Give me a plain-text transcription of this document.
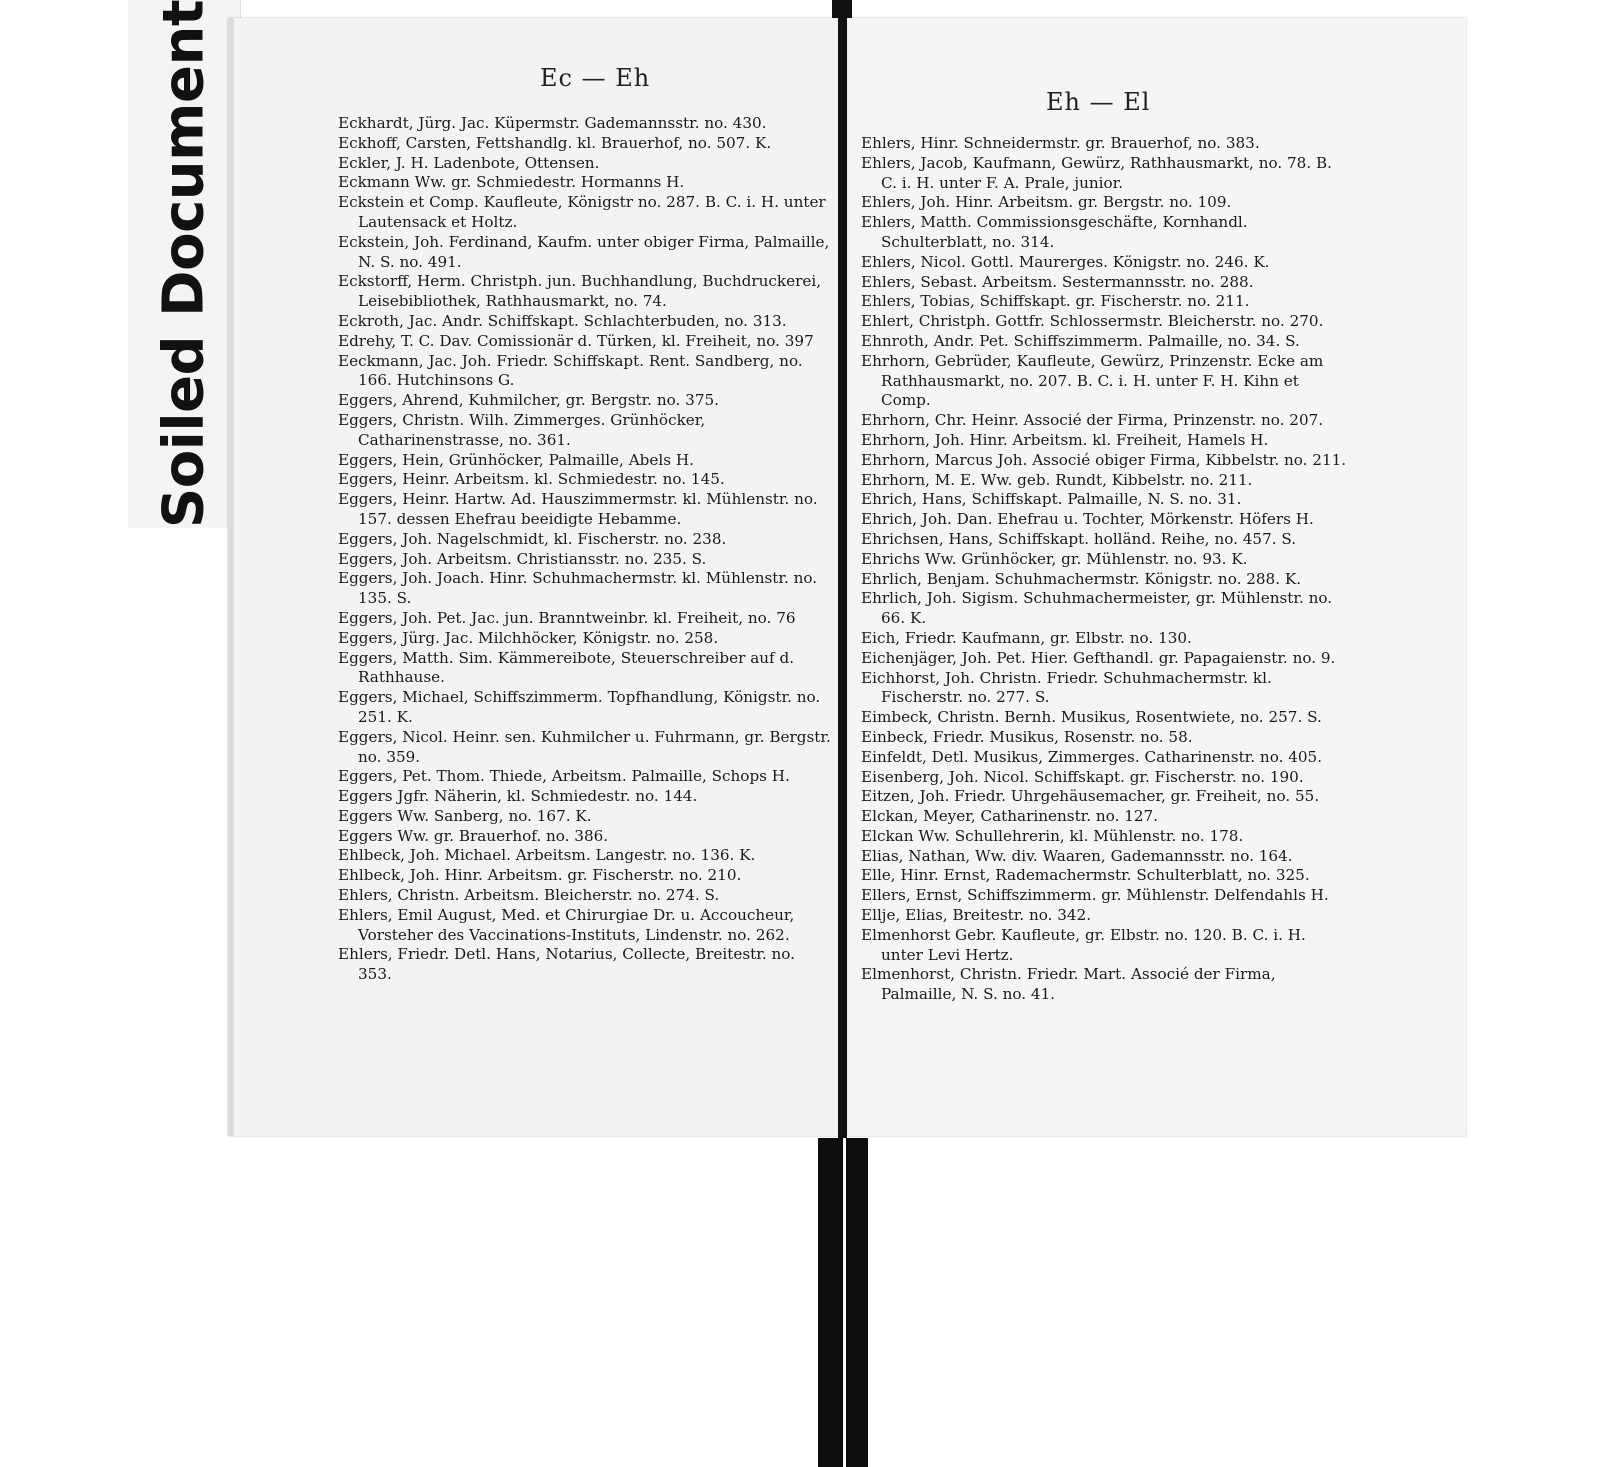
Soiled Document	Ec — Eh
Eh — El

Eckhardt, Jürg. Jac. Küpermstr. Gademannsstr. no. 430.

Eckhoff, Carsten, Fettshandlg. kl. Brauerhof, no. 507. K.

Eckler, J. H. Ladenbote, Ottensen.

Eckmann Ww. gr. Schmiedestr. Hormanns H.

Eckstein et Comp. Kaufleute, Königstr no. 287. B. C. i. H. unter Lautensack et Holtz.

Eckstein, Joh. Ferdinand, Kaufm. unter obiger Firma, Palmaille, N. S. no. 491.

Eckstorff, Herm. Christph. jun. Buchhandlung, Buchdruckerei, Leisebibliothek, Rathhausmarkt, no. 74.

Eckroth, Jac. Andr. Schiffskapt. Schlachterbuden, no. 313.

Edrehy, T. C. Dav. Comissionär d. Türken, kl. Freiheit, no. 397

Eeckmann, Jac. Joh. Friedr. Schiffskapt. Rent. Sandberg, no. 166. Hutchinsons G.

Eggers, Ahrend, Kuhmilcher, gr. Bergstr. no. 375.

Eggers, Christn. Wilh. Zimmerges. Grünhöcker, Catharinenstrasse, no. 361.

Eggers, Hein, Grünhöcker, Palmaille, Abels H.

Eggers, Heinr. Arbeitsm. kl. Schmiedestr. no. 145.

Eggers, Heinr. Hartw. Ad. Hauszimmermstr. kl. Mühlenstr. no. 157. dessen Ehefrau beeidigte Hebamme.

Eggers, Joh. Nagelschmidt, kl. Fischerstr. no. 238.

Eggers, Joh. Arbeitsm. Christiansstr. no. 235. S.

Eggers, Joh. Joach. Hinr. Schuhmachermstr. kl. Mühlenstr. no. 135. S.

Eggers, Joh. Pet. Jac. jun. Branntweinbr. kl. Freiheit, no. 76

Eggers, Jürg. Jac. Milchhöcker, Königstr. no. 258.

Eggers, Matth. Sim. Kämmereibote, Steuerschreiber auf d. Rathhause.

Eggers, Michael, Schiffszimmerm. Topfhandlung, Königstr. no. 251. K.

Eggers, Nicol. Heinr. sen. Kuhmilcher u. Fuhrmann, gr. Bergstr. no. 359.

Eggers, Pet. Thom. Thiede, Arbeitsm. Palmaille, Schops H.

Eggers Jgfr. Näherin, kl. Schmiedestr. no. 144.

Eggers Ww. Sanberg, no. 167. K.

Eggers Ww. gr. Brauerhof. no. 386.

Ehlbeck, Joh. Michael. Arbeitsm. Langestr. no. 136. K.

Ehlbeck, Joh. Hinr. Arbeitsm. gr. Fischerstr. no. 210.

Ehlers, Christn. Arbeitsm. Bleicherstr. no. 274. S.

Ehlers, Emil August, Med. et Chirurgiae Dr. u. Accoucheur, Vorsteher des Vaccinations-Instituts, Lindenstr. no. 262.

Ehlers, Friedr. Detl. Hans, Notarius, Collecte, Breitestr. no. 353.

Ehlers, Hinr. Schneidermstr. gr. Brauerhof, no. 383.

Ehlers, Jacob, Kaufmann, Gewürz, Rathhausmarkt, no. 78. B. C. i. H. unter F. A. Prale, junior.

Ehlers, Joh. Hinr. Arbeitsm. gr. Bergstr. no. 109.

Ehlers, Matth. Commissionsgeschäfte, Kornhandl. Schulterblatt, no. 314.

Ehlers, Nicol. Gottl. Maurerges. Königstr. no. 246. K.

Ehlers, Sebast. Arbeitsm. Sestermannsstr. no. 288.

Ehlers, Tobias, Schiffskapt. gr. Fischerstr. no. 211.

Ehlert, Christph. Gottfr. Schlossermstr. Bleicherstr. no. 270.

Ehnroth, Andr. Pet. Schiffszimmerm. Palmaille, no. 34. S.

Ehrhorn, Gebrüder, Kaufleute, Gewürz, Prinzenstr. Ecke am Rathhausmarkt, no. 207. B. C. i. H. unter F. H. Kihn et Comp.

Ehrhorn, Chr. Heinr. Associé der Firma, Prinzenstr. no. 207.

Ehrhorn, Joh. Hinr. Arbeitsm. kl. Freiheit, Hamels H.

Ehrhorn, Marcus Joh. Associé obiger Firma, Kibbelstr. no. 211.

Ehrhorn, M. E. Ww. geb. Rundt, Kibbelstr. no. 211.

Ehrich, Hans, Schiffskapt. Palmaille, N. S. no. 31.

Ehrich, Joh. Dan. Ehefrau u. Tochter, Mörkenstr. Höfers H.

Ehrichsen, Hans, Schiffskapt. holländ. Reihe, no. 457. S.

Ehrichs Ww. Grünhöcker, gr. Mühlenstr. no. 93. K.

Ehrlich, Benjam. Schuhmachermstr. Königstr. no. 288. K.

Ehrlich, Joh. Sigism. Schuhmachermeister, gr. Mühlenstr. no. 66. K.

Eich, Friedr. Kaufmann, gr. Elbstr. no. 130.

Eichenjäger, Joh. Pet. Hier. Gefthandl. gr. Papagaienstr. no. 9.

Eichhorst, Joh. Christn. Friedr. Schuhmachermstr. kl. Fischerstr. no. 277. S.

Eimbeck, Christn. Bernh. Musikus, Rosentwiete, no. 257. S.

Einbeck, Friedr. Musikus, Rosenstr. no. 58.

Einfeldt, Detl. Musikus, Zimmerges. Catharinenstr. no. 405.

Eisenberg, Joh. Nicol. Schiffskapt. gr. Fischerstr. no. 190.

Eitzen, Joh. Friedr. Uhrgehäusemacher, gr. Freiheit, no. 55.

Elckan, Meyer, Catharinenstr. no. 127.

Elckan Ww. Schullehrerin, kl. Mühlenstr. no. 178.

Elias, Nathan, Ww. div. Waaren, Gademannsstr. no. 164.

Elle, Hinr. Ernst, Rademachermstr. Schulterblatt, no. 325.

Ellers, Ernst, Schiffszimmerm. gr. Mühlenstr. Delfendahls H.

Ellje, Elias, Breitestr. no. 342.

Elmenhorst Gebr. Kaufleute, gr. Elbstr. no. 120. B. C. i. H. unter Levi Hertz.

Elmenhorst, Christn. Friedr. Mart. Associé der Firma, Palmaille, N. S. no. 41.
